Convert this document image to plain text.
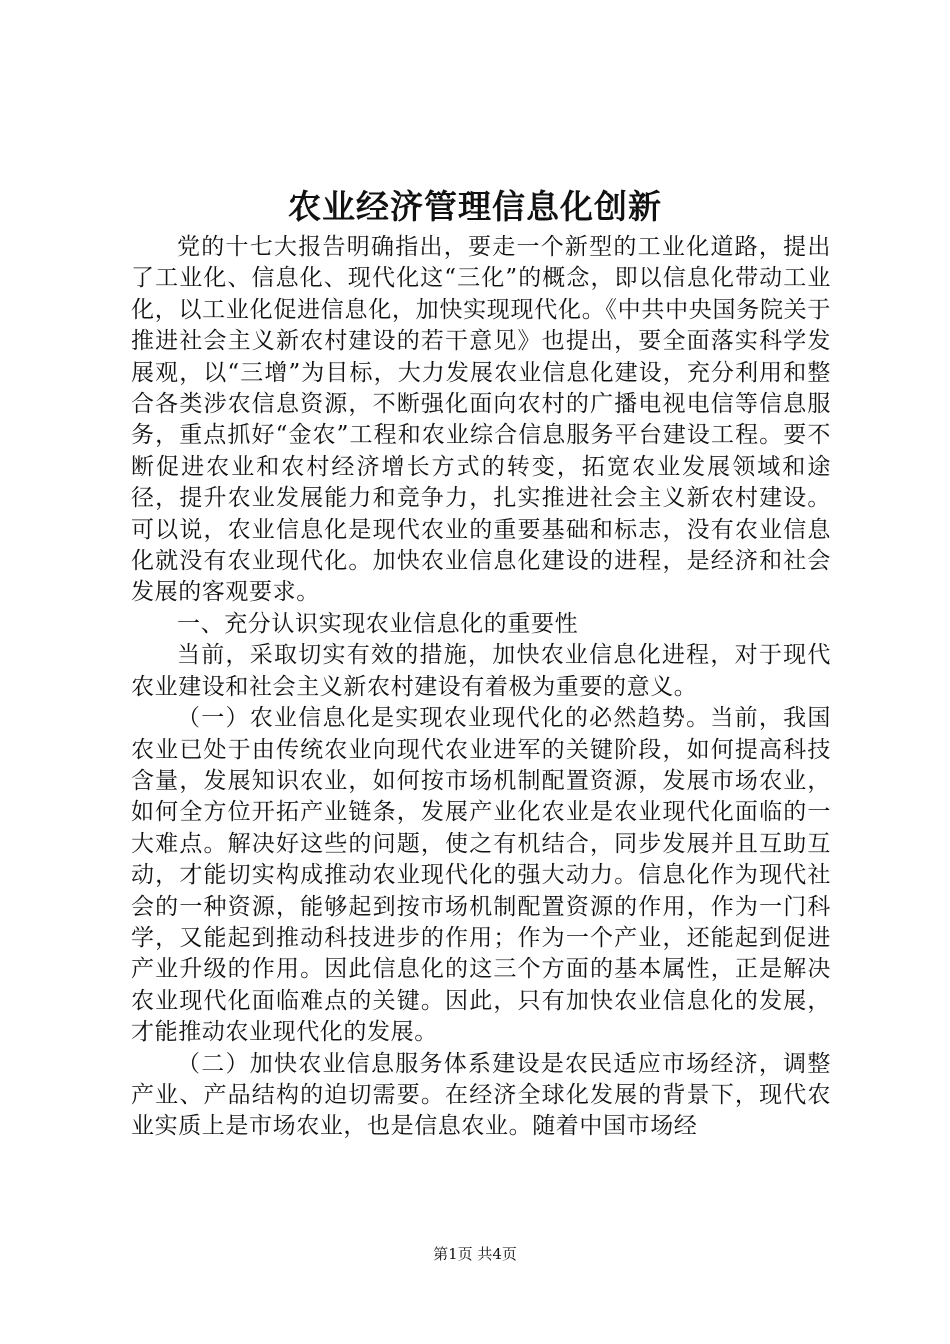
农业经济管理信息化创新

党的十七大报告明确指出，要走一个新型的工业化道路，提出了工业化、信息化、现代化这“三化”的概念，即以信息化带动工业化，以工业化促进信息化，加快实现现代化。《中共中央国务院关于推进社会主义新农村建设的若干意见》也提出，要全面落实科学发展观，以“三增”为目标，大力发展农业信息化建设，充分利用和整合各类涉农信息资源，不断强化面向农村的广播电视电信等信息服务，重点抓好“金农”工程和农业综合信息服务平台建设工程。要不断促进农业和农村经济增长方式的转变，拓宽农业发展领域和途径，提升农业发展能力和竞争力，扎实推进社会主义新农村建设。可以说，农业信息化是现代农业的重要基础和标志，没有农业信息化就没有农业现代化。加快农业信息化建设的进程，是经济和社会发展的客观要求。

一、充分认识实现农业信息化的重要性

当前，采取切实有效的措施，加快农业信息化进程，对于现代农业建设和社会主义新农村建设有着极为重要的意义。

（一）农业信息化是实现农业现代化的必然趋势。当前，我国农业已处于由传统农业向现代农业进军的关键阶段，如何提高科技含量，发展知识农业，如何按市场机制配置资源，发展市场农业，如何全方位开拓产业链条，发展产业化农业是农业现代化面临的一大难点。解决好这些的问题，使之有机结合，同步发展并且互助互动，才能切实构成推动农业现代化的强大动力。信息化作为现代社会的一种资源，能够起到按市场机制配置资源的作用，作为一门科学，又能起到推动科技进步的作用；作为一个产业，还能起到促进产业升级的作用。因此信息化的这三个方面的基本属性，正是解决农业现代化面临难点的关键。因此，只有加快农业信息化的发展，才能推动农业现代化的发展。

（二）加快农业信息服务体系建设是农民适应市场经济，调整产业、产品结构的迫切需要。在经济全球化发展的背景下，现代农业实质上是市场农业，也是信息农业。随着中国市场经

第1页 共4页
